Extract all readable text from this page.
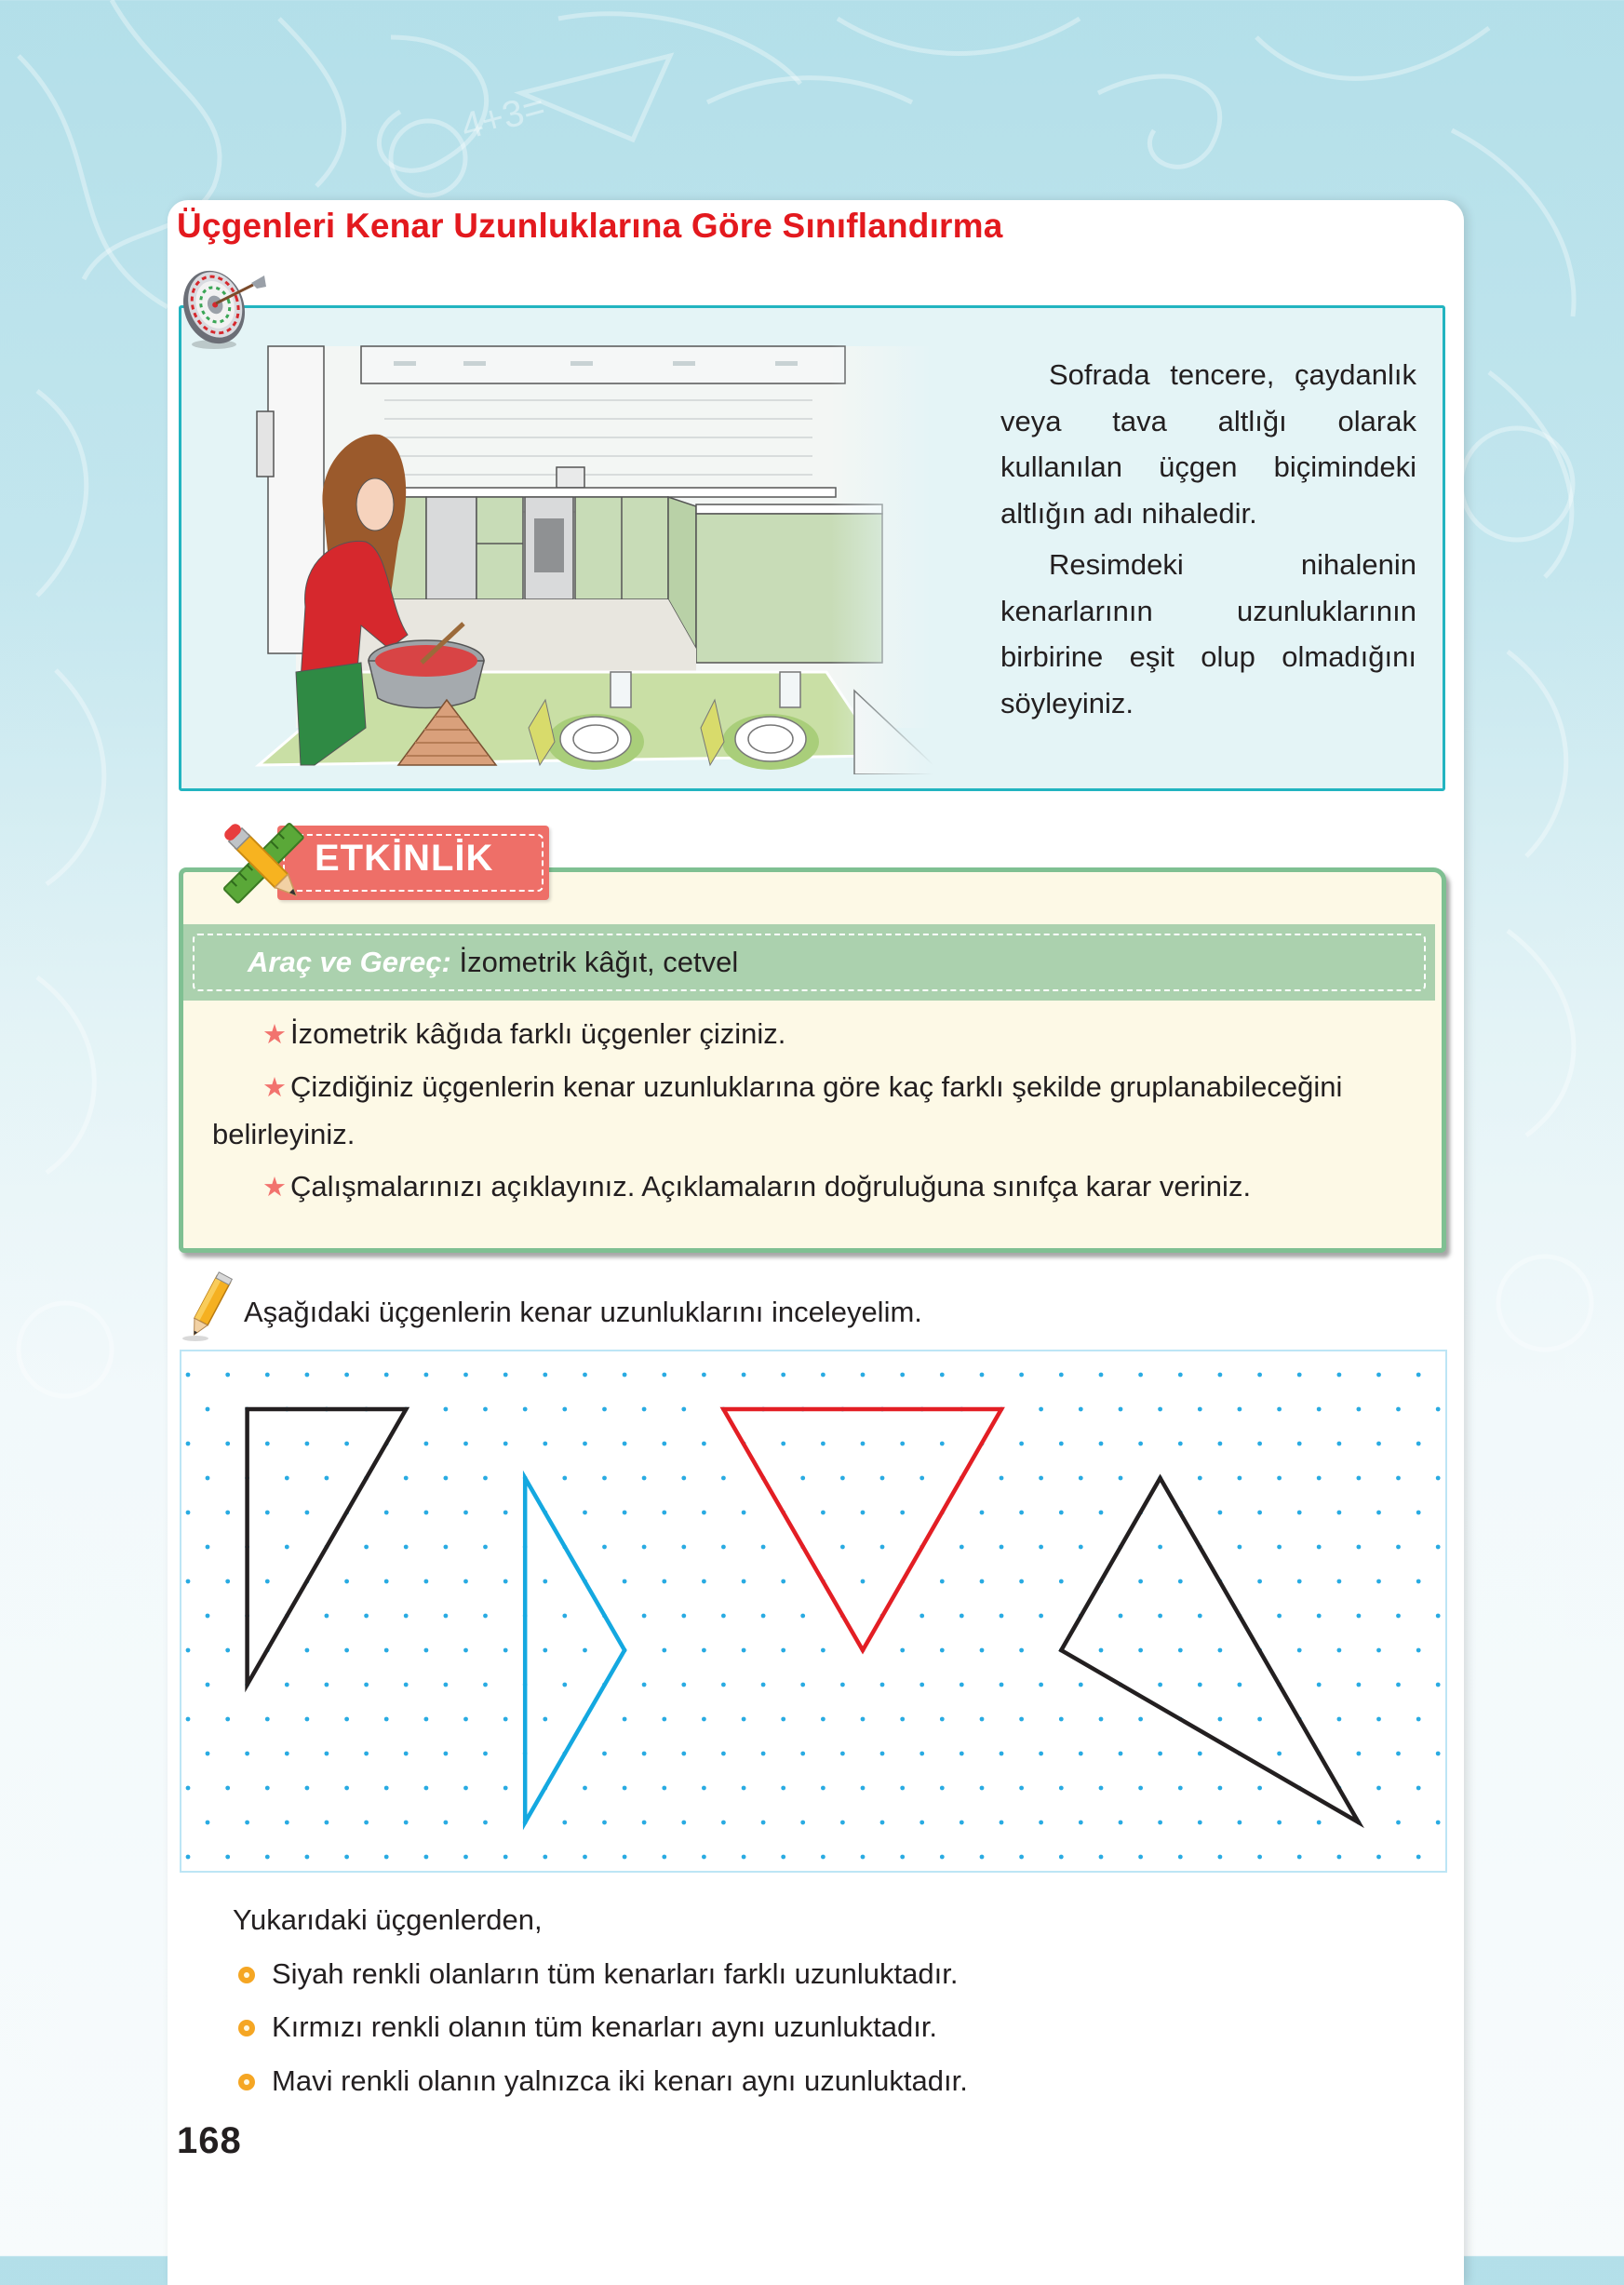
4+3=
Üçgenleri Kenar Uzunluklarına Göre Sınıflandırma

Sofrada tencere, çaydanlık veya tava altlığı olarak kullanılan üçgen biçimindeki altlığın adı nihaledir.

Resimdeki nihalenin kenarlarının uzunluklarının birbirine eşit olup olmadığını söyleyiniz.

ETKİNLİK
Araç ve Gereç: İzometrik kâğıt, cetvel

★ İzometrik kâğıda farklı üçgenler çiziniz.

★ Çizdiğiniz üçgenlerin kenar uzunluklarına göre kaç farklı şekilde gruplanabileceğini belirleyiniz.

★ Çalışmalarınızı açıklayınız. Açıklamaların doğruluğuna sınıfça karar veriniz.

Aşağıdaki üçgenlerin kenar uzunluklarını inceleyelim.

Yukarıdaki üçgenlerden,

Siyah renkli olanların tüm kenarları farklı uzunluktadır.
Kırmızı renkli olanın tüm kenarları aynı uzunluktadır.
Mavi renkli olanın yalnızca iki kenarı aynı uzunluktadır.
168
